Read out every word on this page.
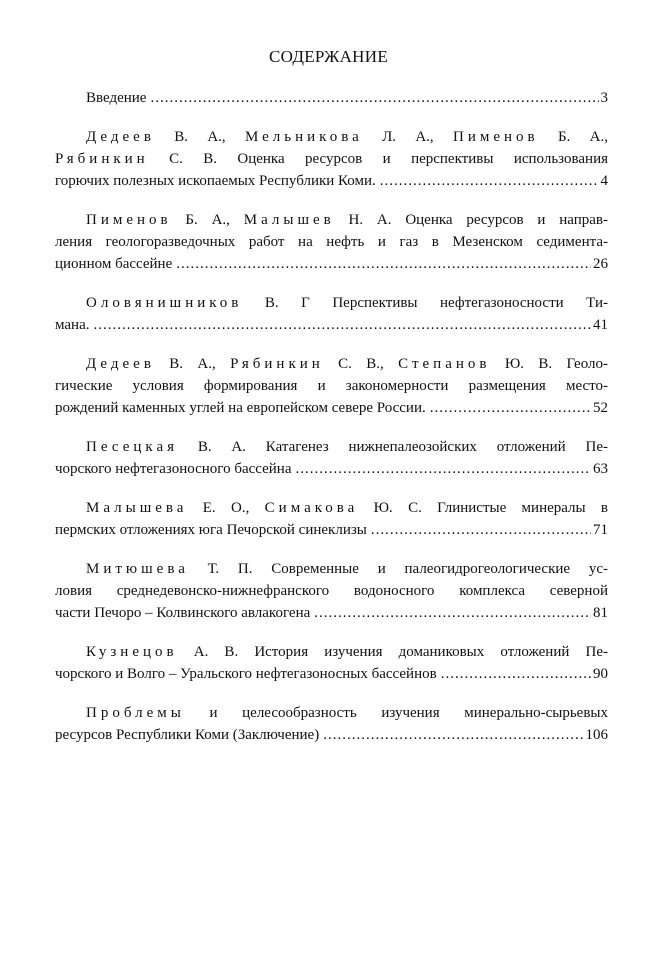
СОДЕРЖАНИЕ
Введение .....	3
Дедеев В. А., Мельникова Л. А., Пименов Б. А.,
Рябинкин С. В. Оценка ресурсов и перспективы использования
горючих полезных ископаемых Республики Коми. .....	4
Пименов Б. А., Малышев Н. А. Оценка ресурсов и направ-
ления геологоразведочных работ на нефть и газ в Мезенском седимента-
ционном бассейне .....	26
Оловянишников В. Г Перспективы нефтегазоносности Ти-
мана. .....	41
Дедеев В. А., Рябинкин С. В., Степанов Ю. В. Геоло-
гические условия формирования и закономерности размещения место-
рождений каменных углей на европейском севере России. .....	52
Песецкая В. А. Катагенез нижнепалеозойских отложений Пе-
чорского нефтегазоносного бассейна .....	63
Малышева Е. О., Симакова Ю. С. Глинистые минералы в
пермских отложениях юга Печорской синеклизы .....	71
Митюшева Т. П. Современные и палеогидрогеологические ус-
ловия среднедевонско-нижнефранского водоносного комплекса северной
части Печоро – Колвинского авлакогена .....	81
Кузнецов А. В. История изучения доманиковых отложений Пе-
чорского и Волго – Уральского нефтегазоносных бассейнов .....	90
Проблемы и целесообразность изучения минерально-сырьевых
ресурсов Республики Коми (Заключение) .....	106
